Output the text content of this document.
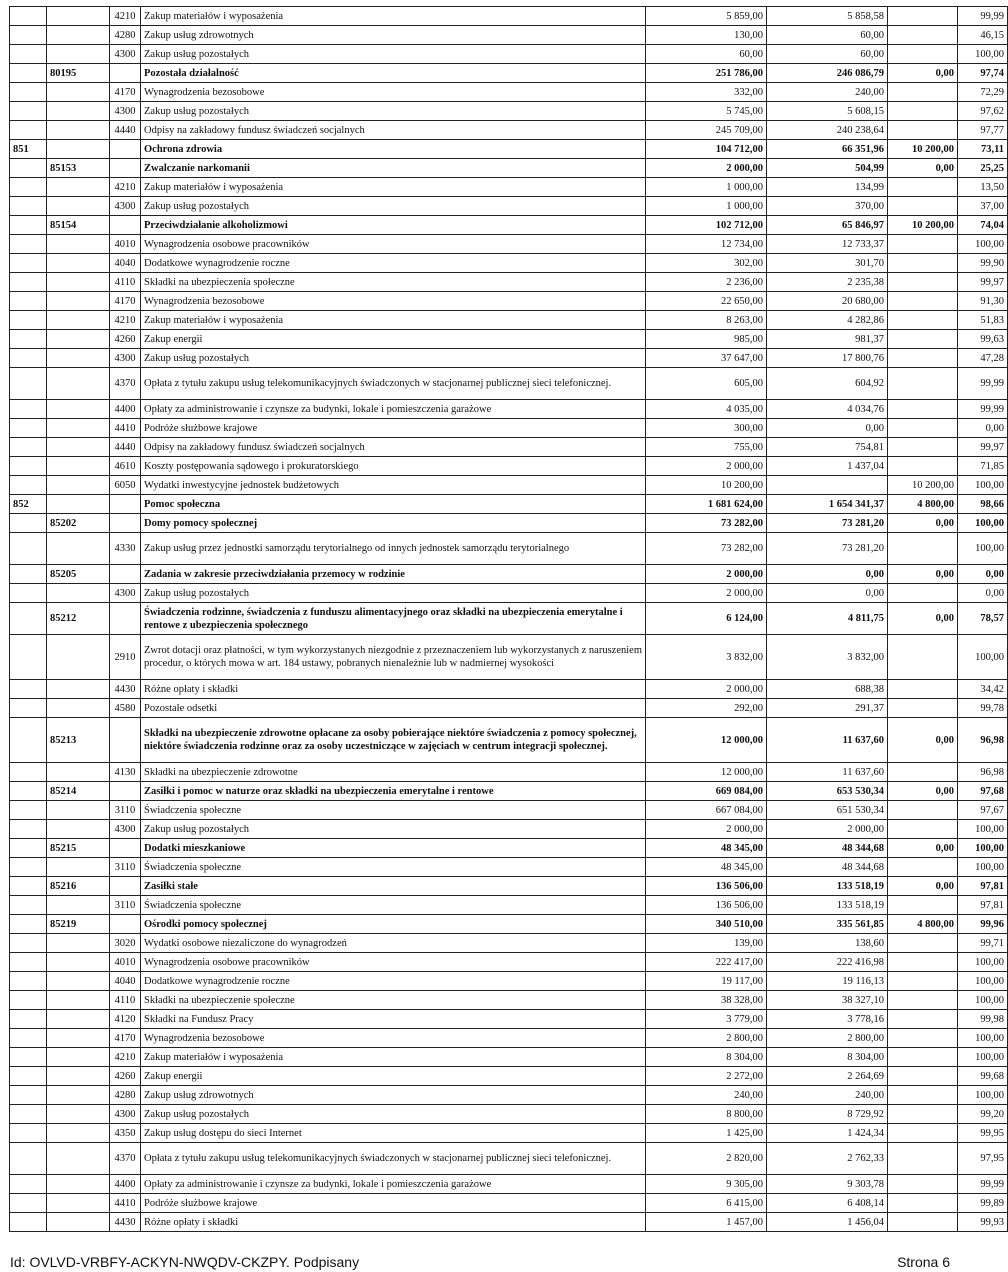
		4210	Zakup materiałów i wyposażenia	5 859,00	5 858,58		99,99
		4280	Zakup usług zdrowotnych	130,00	60,00		46,15
		4300	Zakup usług pozostałych	60,00	60,00		100,00
	80195		Pozostała działalność	251 786,00	246 086,79	0,00	97,74
		4170	Wynagrodzenia bezosobowe	332,00	240,00		72,29
		4300	Zakup usług pozostałych	5 745,00	5 608,15		97,62
		4440	Odpisy na zakładowy fundusz świadczeń socjalnych	245 709,00	240 238,64		97,77
851			Ochrona zdrowia	104 712,00	66 351,96	10 200,00	73,11
	85153		Zwalczanie narkomanii	2 000,00	504,99	0,00	25,25
		4210	Zakup materiałów i wyposażenia	1 000,00	134,99		13,50
		4300	Zakup usług pozostałych	1 000,00	370,00		37,00
	85154		Przeciwdziałanie alkoholizmowi	102 712,00	65 846,97	10 200,00	74,04
		4010	Wynagrodzenia osobowe pracowników	12 734,00	12 733,37		100,00
		4040	Dodatkowe wynagrodzenie roczne	302,00	301,70		99,90
		4110	Składki na ubezpieczenia społeczne	2 236,00	2 235,38		99,97
		4170	Wynagrodzenia bezosobowe	22 650,00	20 680,00		91,30
		4210	Zakup materiałów i wyposażenia	8 263,00	4 282,86		51,83
		4260	Zakup energii	985,00	981,37		99,63
		4300	Zakup usług pozostałych	37 647,00	17 800,76		47,28
		4370	Opłata z tytułu zakupu usług telekomunikacyjnych świadczonych w stacjonarnej publicznej sieci telefonicznej.	605,00	604,92		99,99
		4400	Opłaty za administrowanie i czynsze za budynki, lokale i pomieszczenia garażowe	4 035,00	4 034,76		99,99
		4410	Podróże służbowe krajowe	300,00	0,00		0,00
		4440	Odpisy na zakładowy fundusz świadczeń socjalnych	755,00	754,81		99,97
		4610	Koszty postępowania sądowego i prokuratorskiego	2 000,00	1 437,04		71,85
		6050	Wydatki inwestycyjne jednostek budżetowych	10 200,00		10 200,00	100,00
852			Pomoc społeczna	1 681 624,00	1 654 341,37	4 800,00	98,66
	85202		Domy pomocy społecznej	73 282,00	73 281,20	0,00	100,00
		4330	Zakup usług przez jednostki samorządu terytorialnego od innych jednostek samorządu terytorialnego	73 282,00	73 281,20		100,00
	85205		Zadania w zakresie przeciwdziałania przemocy w rodzinie	2 000,00	0,00	0,00	0,00
		4300	Zakup usług pozostałych	2 000,00	0,00		0,00
	85212		Świadczenia rodzinne, świadczenia z funduszu alimentacyjnego oraz składki na ubezpieczenia emerytalne i rentowe z ubezpieczenia społecznego	6 124,00	4 811,75	0,00	78,57
		2910	Zwrot dotacji oraz płatności, w tym wykorzystanych niezgodnie z przeznaczeniem lub wykorzystanych z naruszeniem procedur, o których mowa w art. 184 ustawy, pobranych nienależnie lub w nadmiernej wysokości	3 832,00	3 832,00		100,00
		4430	Różne opłaty i składki	2 000,00	688,38		34,42
		4580	Pozostałe odsetki	292,00	291,37		99,78
	85213		Składki na ubezpieczenie zdrowotne opłacane za osoby pobierające niektóre świadczenia z pomocy społecznej, niektóre świadczenia rodzinne oraz za osoby uczestniczące w zajęciach w centrum integracji społecznej.	12 000,00	11 637,60	0,00	96,98
		4130	Składki na ubezpieczenie zdrowotne	12 000,00	11 637,60		96,98
	85214		Zasiłki i pomoc w naturze oraz składki na ubezpieczenia emerytalne i rentowe	669 084,00	653 530,34	0,00	97,68
		3110	Świadczenia społeczne	667 084,00	651 530,34		97,67
		4300	Zakup usług pozostałych	2 000,00	2 000,00		100,00
	85215		Dodatki mieszkaniowe	48 345,00	48 344,68	0,00	100,00
		3110	Świadczenia społeczne	48 345,00	48 344,68		100,00
	85216		Zasiłki stałe	136 506,00	133 518,19	0,00	97,81
		3110	Świadczenia społeczne	136 506,00	133 518,19		97,81
	85219		Ośrodki pomocy społecznej	340 510,00	335 561,85	4 800,00	99,96
		3020	Wydatki osobowe niezaliczone do wynagrodzeń	139,00	138,60		99,71
		4010	Wynagrodzenia osobowe pracowników	222 417,00	222 416,98		100,00
		4040	Dodatkowe wynagrodzenie roczne	19 117,00	19 116,13		100,00
		4110	Składki na ubezpieczenie społeczne	38 328,00	38 327,10		100,00
		4120	Składki na Fundusz Pracy	3 779,00	3 778,16		99,98
		4170	Wynagrodzenia bezosobowe	2 800,00	2 800,00		100,00
		4210	Zakup materiałów i wyposażenia	8 304,00	8 304,00		100,00
		4260	Zakup energii	2 272,00	2 264,69		99,68
		4280	Zakup usług zdrowotnych	240,00	240,00		100,00
		4300	Zakup usług pozostałych	8 800,00	8 729,92		99,20
		4350	Zakup usług dostępu do sieci Internet	1 425,00	1 424,34		99,95
		4370	Opłata z tytułu zakupu usług telekomunikacyjnych świadczonych w stacjonarnej publicznej sieci telefonicznej.	2 820,00	2 762,33		97,95
		4400	Opłaty za administrowanie i czynsze za budynki, lokale i pomieszczenia garażowe	9 305,00	9 303,78		99,99
		4410	Podróże służbowe krajowe	6 415,00	6 408,14		99,89
		4430	Różne opłaty i składki	1 457,00	1 456,04		99,93
Id: OVLVD-VRBFY-ACKYN-NWQDV-CKZPY. Podpisany	Strona 6
